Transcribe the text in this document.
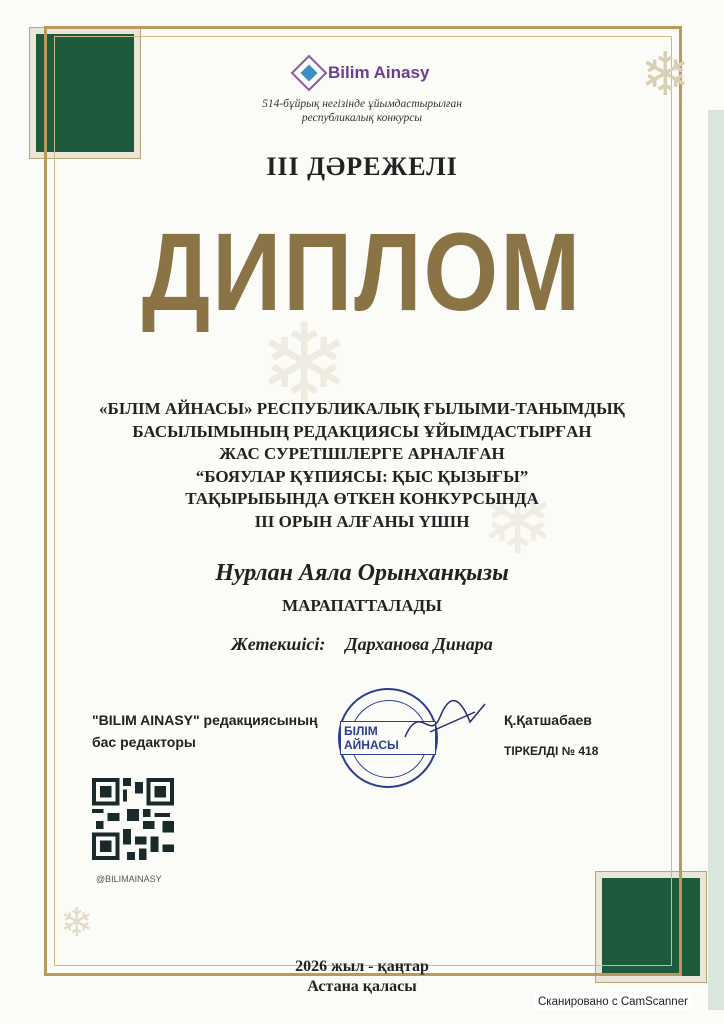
❄
❄
❄
❄
Bilim Ainasy
514-бұйрық негізінде ұйымдастырылған
республикалық конкурсы
III ДӘРЕЖЕЛІ
ДИПЛОМ
«БІЛІМ АЙНАСЫ» РЕСПУБЛИКАЛЫҚ ҒЫЛЫМИ-ТАНЫМДЫҚ
БАСЫЛЫМЫНЫҢ РЕДАКЦИЯСЫ ҰЙЫМДАСТЫРҒАН
ЖАС СУРЕТШІЛЕРГЕ АРНАЛҒАН
“БОЯУЛАР ҚҰПИЯСЫ: ҚЫС ҚЫЗЫҒЫ”
ТАҚЫРЫБЫНДА ӨТКЕН КОНКУРСЫНДА
III ОРЫН АЛҒАНЫ ҮШІН
Нурлан Аяла Орынханқызы
МАРАПАТТАЛАДЫ
Жетекшісі: Дарханова Динара
"BILIM AINASY" редакциясының
бас редакторы
БІЛІМ АЙНАСЫ
Қ.Қатшабаев
ТІРКЕЛДІ № 418
@BILIMAINASY
2026 жыл - қаңтар
Астана қаласы
Сканировано с CamScanner
